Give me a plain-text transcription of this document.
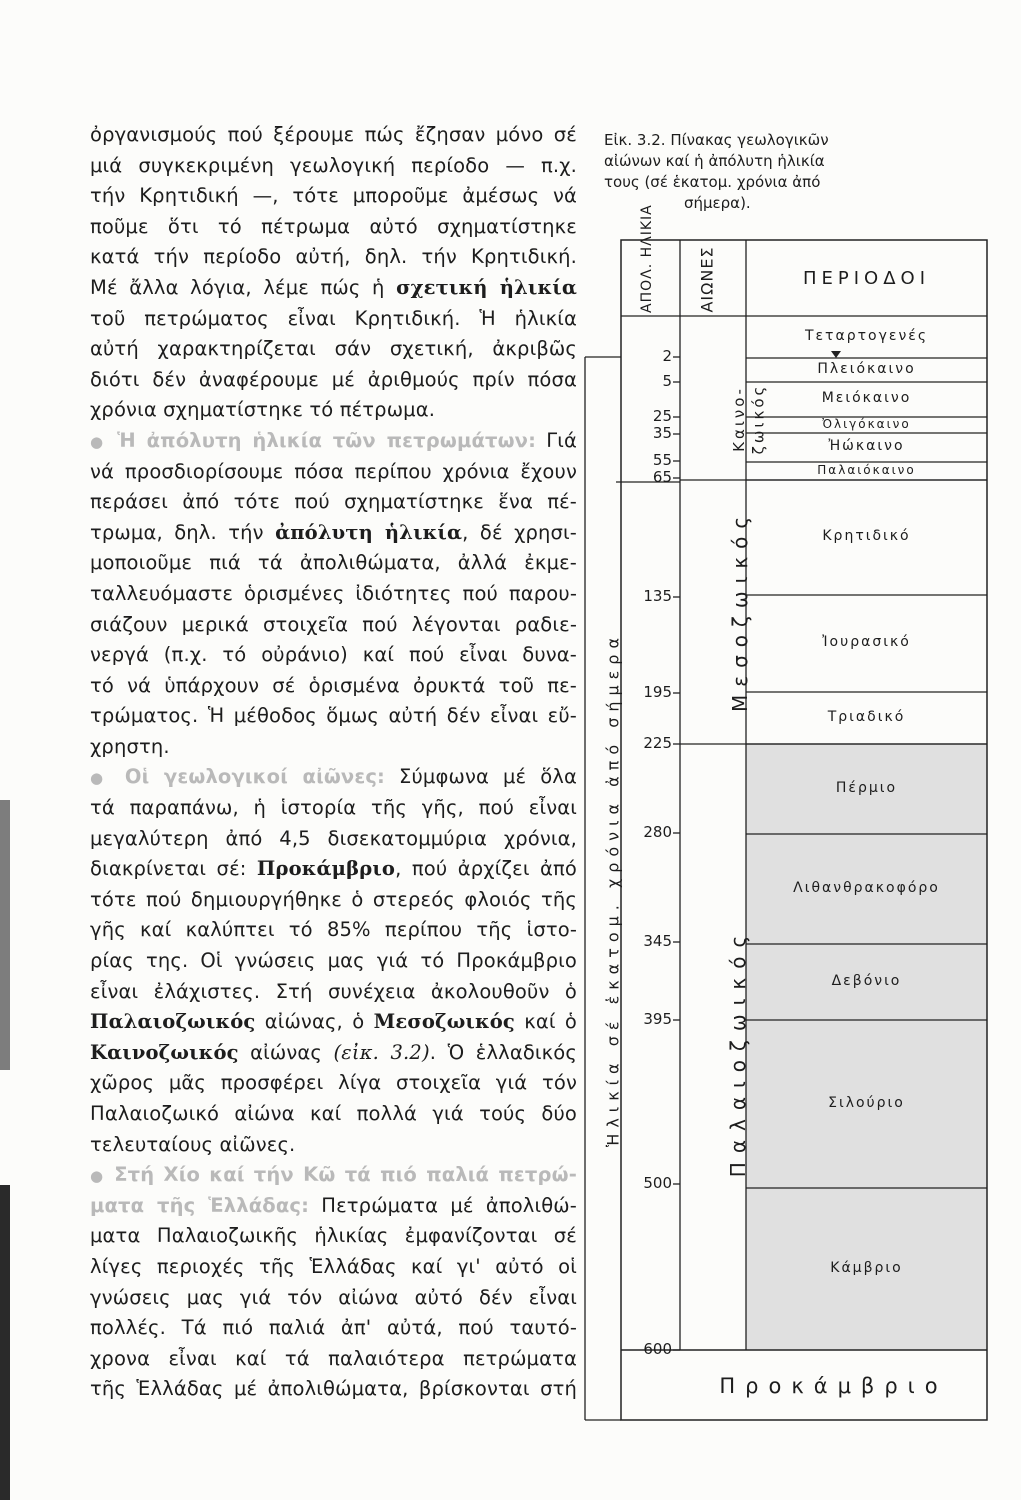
ὀργανισμούς πού ξέρουμε πώς ἔζησαν μόνο σέ
μιά συγκεκριμένη γεωλογική περίοδο — π.χ.
τήν Κρητιδική —, τότε μποροῦμε ἀμέσως νά
ποῦμε ὅτι τό πέτρωμα αὐτό σχηματίστηκε
κατά τήν περίοδο αὐτή, δηλ. τήν Κρητιδική.
Μέ ἄλλα λόγια, λέμε πώς ἡ σχετική ἡλικία
τοῦ πετρώματος εἶναι Κρητιδική. Ἡ ἡλικία
αὐτή χαρακτηρίζεται σάν σχετική, ἀκριβῶς
διότι δέν ἀναφέρουμε μέ ἀριθμούς πρίν πόσα
χρόνια σχηματίστηκε τό πέτρωμα.
● Ἡ ἀπόλυτη ἡλικία τῶν πετρωμάτων: Γιά
νά προσδιορίσουμε πόσα περίπου χρόνια ἔχουν
περάσει ἀπό τότε πού σχηματίστηκε ἕνα πέ-
τρωμα, δηλ. τήν ἀπόλυτη ἡλικία, δέ χρησι-
μοποιοῦμε πιά τά ἀπολιθώματα, ἀλλά ἐκμε-
ταλλευόμαστε ὁρισμένες ἰδιότητες πού παρου-
σιάζουν μερικά στοιχεῖα πού λέγονται ραδιε-
νεργά (π.χ. τό οὐράνιο) καί πού εἶναι δυνα-
τό νά ὑπάρχουν σέ ὁρισμένα ὀρυκτά τοῦ πε-
τρώματος. Ἡ μέθοδος ὅμως αὐτή δέν εἶναι εὔ-
χρηστη.
● Οἱ γεωλογικοί αἰῶνες: Σύμφωνα μέ ὅλα
τά παραπάνω, ἡ ἱστορία τῆς γῆς, πού εἶναι
μεγαλύτερη ἀπό 4,5 δισεκατομμύρια χρόνια,
διακρίνεται σέ: Προκάμβριο, πού ἀρχίζει ἀπό
τότε πού δημιουργήθηκε ὁ στερεός φλοιός τῆς
γῆς καί καλύπτει τό 85% περίπου τῆς ἱστο-
ρίας της. Οἱ γνώσεις μας γιά τό Προκάμβριο
εἶναι ἐλάχιστες. Στή συνέχεια ἀκολουθοῦν ὁ
Παλαιοζωικός αἰώνας, ὁ Μεσοζωικός καί ὁ
Καινοζωικός αἰώνας (εἰκ. 3.2). Ὁ ἑλλαδικός
χῶρος μᾶς προσφέρει λίγα στοιχεῖα γιά τόν
Παλαιοζωικό αἰώνα καί πολλά γιά τούς δύο
τελευταίους αἰῶνες.
● Στή Χίο καί τήν Κῶ τά πιό παλιά πετρώ-
ματα τῆς Ἑλλάδας: Πετρώματα μέ ἀπολιθώ-
ματα Παλαιοζωικῆς ἡλικίας ἐμφανίζονται σέ
λίγες περιοχές τῆς Ἑλλάδας καί γι' αὐτό οἱ
γνώσεις μας γιά τόν αἰώνα αὐτό δέν εἶναι
πολλές. Τά πιό παλιά ἀπ' αὐτά, πού ταυτό-
χρονα εἶναι καί τά παλαιότερα πετρώματα
τῆς Ἑλλάδας μέ ἀπολιθώματα, βρίσκονται στή
Εἰκ. 3.2. Πίνακας γεωλογικῶν
αἰώνων καί ἡ ἀπόλυτη ἡλικία
τους (σέ ἑκατομ. χρόνια ἀπό
σήμερα).
2
5
25
35
55
65
135
195
225
280
345
395
500
600
ΑΠΟΛ. ΗΛΙΚΙΑ	ΑΙΩΝΕΣ	ΠΕΡΙΟΔΟΙ
Τεταρτογενές
Πλειόκαινο
Μειόκαινο
Ὀλιγόκαινο
Ἠώκαινο
Παλαιόκαινο
Κρητιδικό
Ἰουρασικό
Τριαδικό
Πέρμιο
Λιθανθρακοφόρο
Δεβόνιο
Σιλούριο
Κάμβριο
Καινο- ζωικός
Μεσοζωικός
Παλαιοζωικός
Ἡλικία σέ ἑκατομ. χρόνια ἀπό σήμερα
Προκάμβριο
